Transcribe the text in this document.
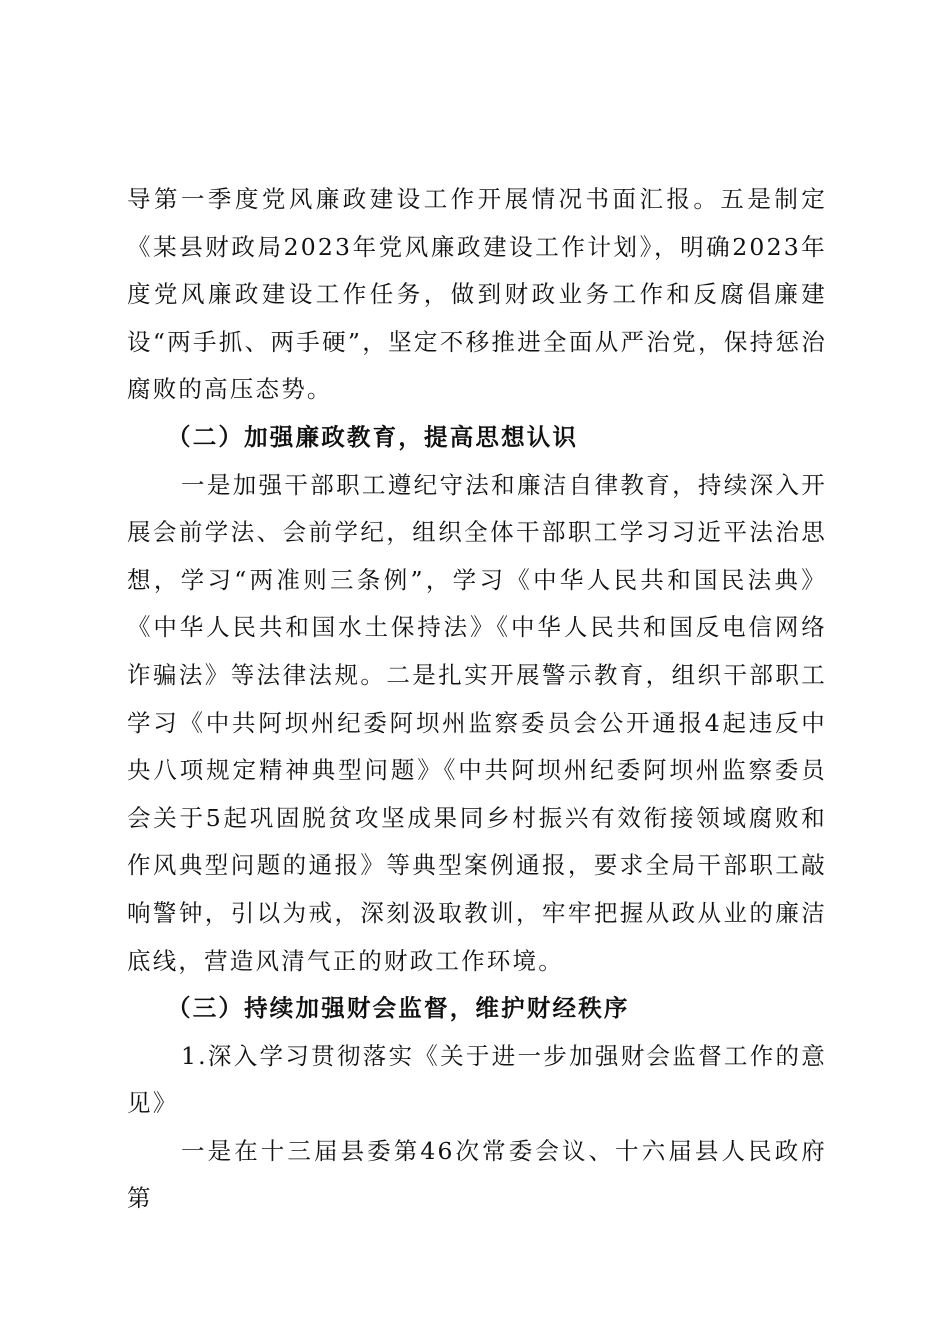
导第一季度党风廉政建设工作开展情况书面汇报。五是制定《某县财政局2023年党风廉政建设工作计划》，明确2023年度党风廉政建设工作任务，做到财政业务工作和反腐倡廉建设“两手抓、两手硬”，坚定不移推进全面从严治党，保持惩治腐败的高压态势。

（二）加强廉政教育，提高思想认识

一是加强干部职工遵纪守法和廉洁自律教育，持续深入开展会前学法、会前学纪，组织全体干部职工学习习近平法治思想，学习“两准则三条例”，学习《中华人民共和国民法典》《中华人民共和国水土保持法》《中华人民共和国反电信网络诈骗法》等法律法规。二是扎实开展警示教育，组织干部职工学习《中共阿坝州纪委阿坝州监察委员会公开通报4起违反中央八项规定精神典型问题》《中共阿坝州纪委阿坝州监察委员会关于5起巩固脱贫攻坚成果同乡村振兴有效衔接领域腐败和作风典型问题的通报》等典型案例通报，要求全局干部职工敲响警钟，引以为戒，深刻汲取教训，牢牢把握从政从业的廉洁底线，营造风清气正的财政工作环境。

（三）持续加强财会监督，维护财经秩序

1.深入学习贯彻落实《关于进一步加强财会监督工作的意见》

一是在十三届县委第46次常委会议、十六届县人民政府第
